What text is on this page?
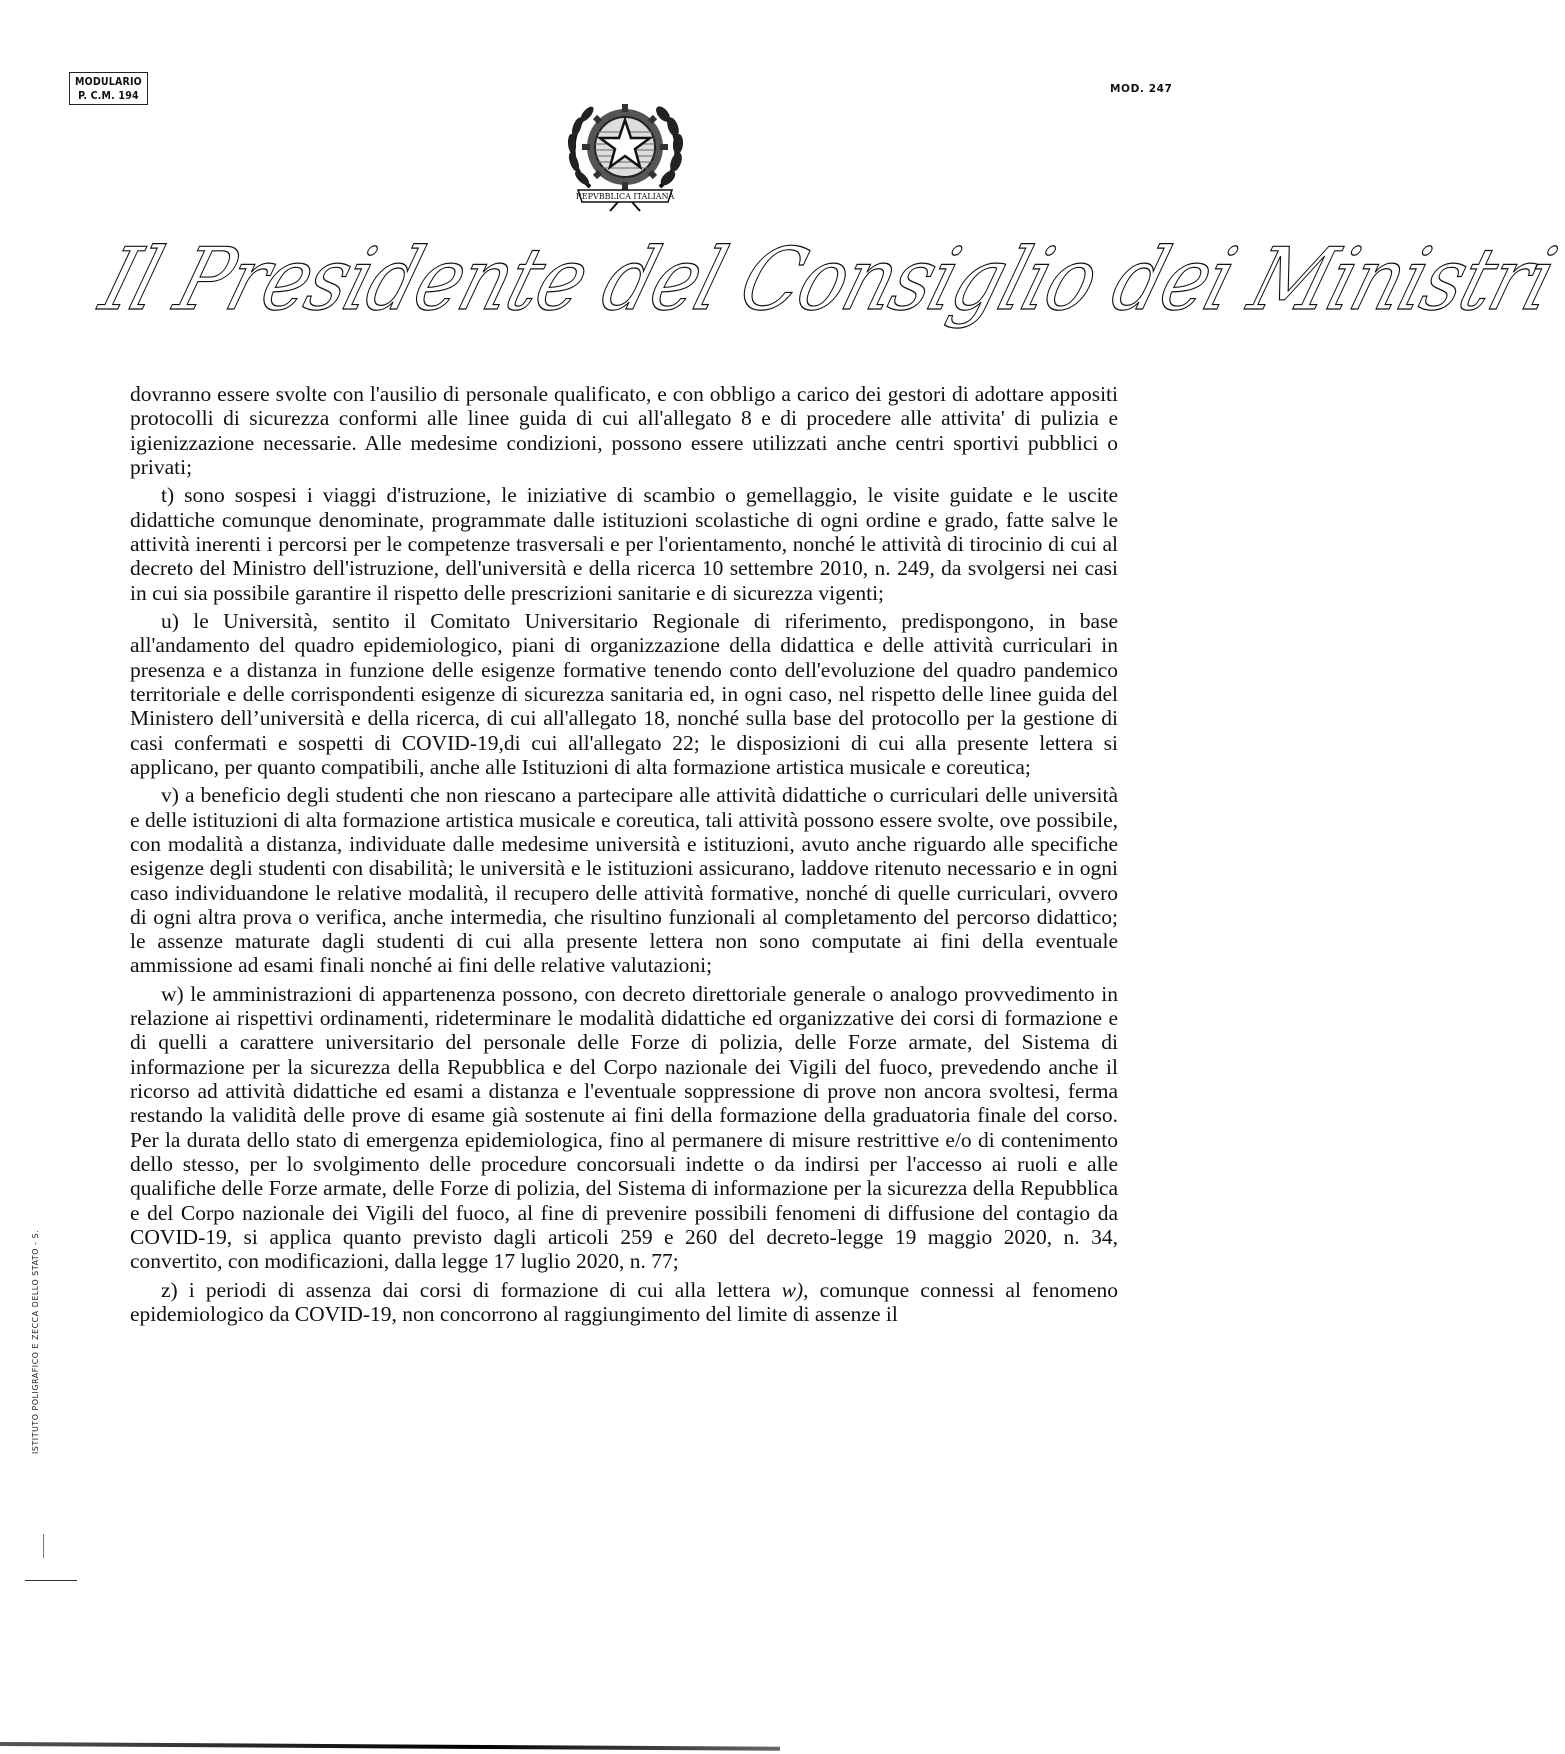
MODULARIO
P. C.M. 194
MOD. 247
REPVBBLICA ITALIANA
Il Presidente del Consiglio dei Ministri

dovranno essere svolte con l'ausilio di personale qualificato, e con obbligo a carico dei gestori di adottare appositi protocolli di sicurezza conformi alle linee guida di cui all'allegato 8 e di procedere alle attivita' di pulizia e igienizzazione necessarie. Alle medesime condizioni, possono essere utilizzati anche centri sportivi pubblici o privati;

t) sono sospesi i viaggi d'istruzione, le iniziative di scambio o gemellaggio, le visite guidate e le uscite didattiche comunque denominate, programmate dalle istituzioni scolastiche di ogni ordine e grado, fatte salve le attività inerenti i percorsi per le competenze trasversali e per l'orientamento, nonché le attività di tirocinio di cui al decreto del Ministro dell'istruzione, dell'università e della ricerca 10 settembre 2010, n. 249, da svolgersi nei casi in cui sia possibile garantire il rispetto delle prescrizioni sanitarie e di sicurezza vigenti;

u) le Università, sentito il Comitato Universitario Regionale di riferimento, predispongono, in base all'andamento del quadro epidemiologico, piani di organizzazione della didattica e delle attività curriculari in presenza e a distanza in funzione delle esigenze formative tenendo conto dell'evoluzione del quadro pandemico territoriale e delle corrispondenti esigenze di sicurezza sanitaria ed, in ogni caso, nel rispetto delle linee guida del Ministero dell’università e della ricerca, di cui all'allegato 18, nonché sulla base del protocollo per la gestione di casi confermati e sospetti di COVID-19,di cui all'allegato 22; le disposizioni di cui alla presente lettera si applicano, per quanto compatibili, anche alle Istituzioni di alta formazione artistica musicale e coreutica;

v) a beneficio degli studenti che non riescano a partecipare alle attività didattiche o curriculari delle università e delle istituzioni di alta formazione artistica musicale e coreutica, tali attività possono essere svolte, ove possibile, con modalità a distanza, individuate dalle medesime università e istituzioni, avuto anche riguardo alle specifiche esigenze degli studenti con disabilità; le università e le istituzioni assicurano, laddove ritenuto necessario e in ogni caso individuandone le relative modalità, il recupero delle attività formative, nonché di quelle curriculari, ovvero di ogni altra prova o verifica, anche intermedia, che risultino funzionali al completamento del percorso didattico; le assenze maturate dagli studenti di cui alla presente lettera non sono computate ai fini della eventuale ammissione ad esami finali nonché ai fini delle relative valutazioni;

w) le amministrazioni di appartenenza possono, con decreto direttoriale generale o analogo provvedimento in relazione ai rispettivi ordinamenti, rideterminare le modalità didattiche ed organizzative dei corsi di formazione e di quelli a carattere universitario del personale delle Forze di polizia, delle Forze armate, del Sistema di informazione per la sicurezza della Repubblica e del Corpo nazionale dei Vigili del fuoco, prevedendo anche il ricorso ad attività didattiche ed esami a distanza e l'eventuale soppressione di prove non ancora svoltesi, ferma restando la validità delle prove di esame già sostenute ai fini della formazione della graduatoria finale del corso. Per la durata dello stato di emergenza epidemiologica, fino al permanere di misure restrittive e/o di contenimento dello stesso, per lo svolgimento delle procedure concorsuali indette o da indirsi per l'accesso ai ruoli e alle qualifiche delle Forze armate, delle Forze di polizia, del Sistema di informazione per la sicurezza della Repubblica e del Corpo nazionale dei Vigili del fuoco, al fine di prevenire possibili fenomeni di diffusione del contagio da COVID-19, si applica quanto previsto dagli articoli 259 e 260 del decreto-legge 19 maggio 2020, n. 34, convertito, con modificazioni, dalla legge 17 luglio 2020, n. 77;

z) i periodi di assenza dai corsi di formazione di cui alla lettera w), comunque connessi al fenomeno epidemiologico da COVID-19, non concorrono al raggiungimento del limite di assenze il

ISTITUTO POLIGRAFICO E ZECCA DELLO STATO - S.
